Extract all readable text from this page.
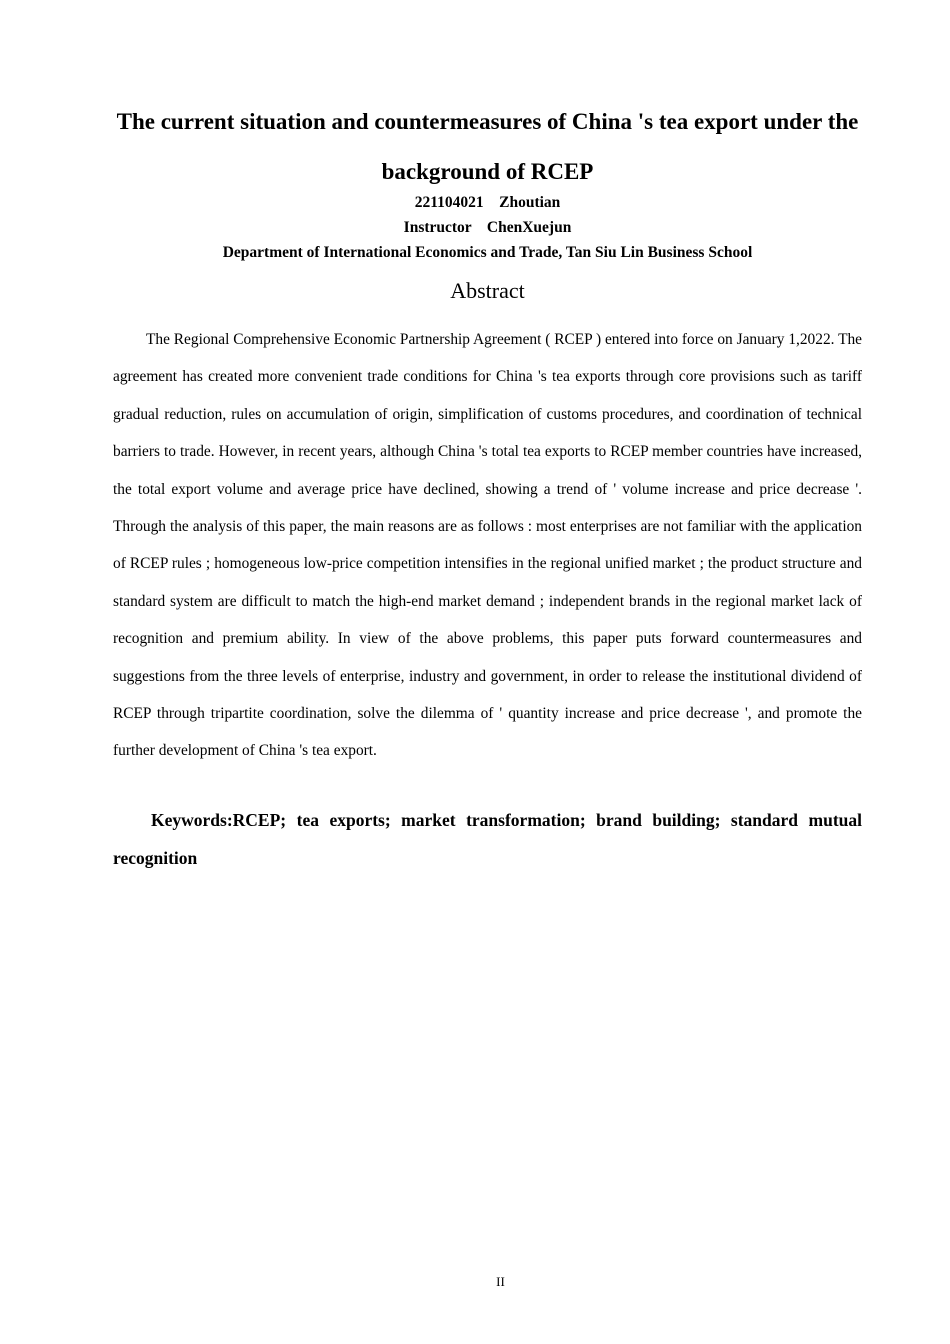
The current situation and countermeasures of China 's tea export under the background of RCEP
221104021    Zhoutian
Instructor    ChenXuejun
Department of International Economics and Trade, Tan Siu Lin Business School
Abstract

The Regional Comprehensive Economic Partnership Agreement ( RCEP ) entered into force on January 1,2022. The agreement has created more convenient trade conditions for China 's tea exports through core provisions such as tariff gradual reduction, rules on accumulation of origin, simplification of customs procedures, and coordination of technical barriers to trade. However, in recent years, although China 's total tea exports to RCEP member countries have increased, the total export volume and average price have declined, showing a trend of ' volume increase and price decrease '. Through the analysis of this paper, the main reasons are as follows : most enterprises are not familiar with the application of RCEP rules ; homogeneous low-price competition intensifies in the regional unified market ; the product structure and standard system are difficult to match the high-end market demand ; independent brands in the regional market lack of recognition and premium ability. In view of the above problems, this paper puts forward countermeasures and suggestions from the three levels of enterprise, industry and government, in order to release the institutional dividend of RCEP through tripartite coordination, solve the dilemma of ' quantity increase and price decrease ', and promote the further development of China 's tea export.

Keywords:RCEP; tea exports; market transformation; brand building; standard mutual recognition

II
